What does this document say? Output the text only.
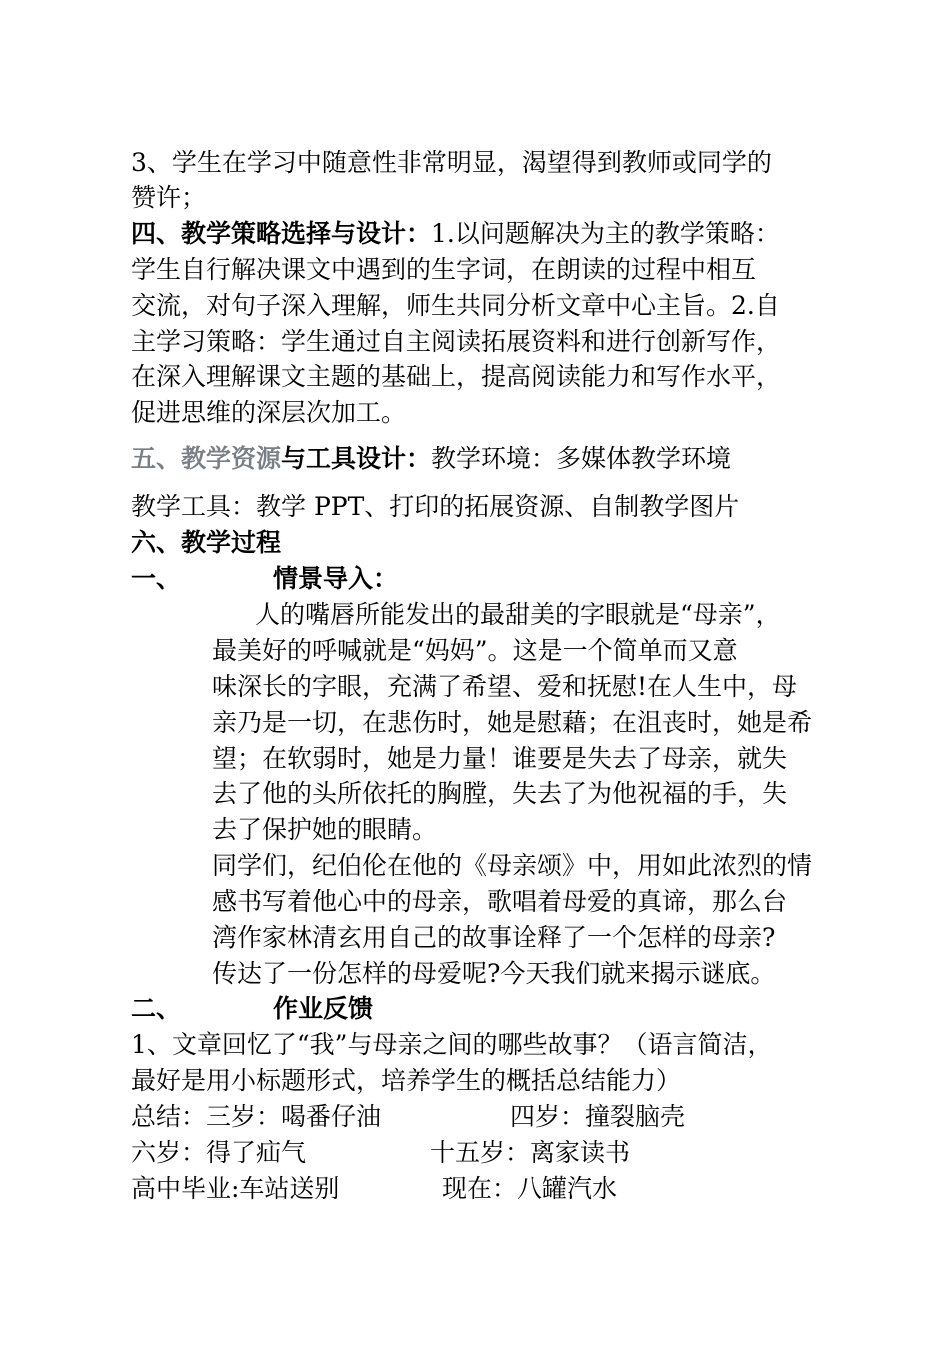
3、学生在学习中随意性非常明显，渴望得到教师或同学的
赞许；
四、教学策略选择与设计：1.以问题解决为主的教学策略：
学生自行解决课文中遇到的生字词，在朗读的过程中相互
交流，对句子深入理解，师生共同分析文章中心主旨。2.自
主学习策略：学生通过自主阅读拓展资料和进行创新写作，
在深入理解课文主题的基础上，提高阅读能力和写作水平，
促进思维的深层次加工。
五、教学资源与工具设计：教学环境：多媒体教学环境
教学工具：教学 PPT、打印的拓展资源、自制教学图片
六、教学过程
一、	情景导入：
人的嘴唇所能发出的最甜美的字眼就是“母亲”，
最美好的呼喊就是“妈妈”。这是一个简单而又意
味深长的字眼，充满了希望、爱和抚慰!在人生中，母
亲乃是一切，在悲伤时，她是慰藉；在沮丧时，她是希
望；在软弱时，她是力量！谁要是失去了母亲，就失
去了他的头所依托的胸膛，失去了为他祝福的手，失
去了保护她的眼睛。
同学们，纪伯伦在他的《母亲颂》中，用如此浓烈的情
感书写着他心中的母亲，歌唱着母爱的真谛，那么台
湾作家林清玄用自己的故事诠释了一个怎样的母亲?
传达了一份怎样的母爱呢?今天我们就来揭示谜底。
二、	作业反馈
1、文章回忆了“我”与母亲之间的哪些故事？（语言简洁，
最好是用小标题形式，培养学生的概括总结能力）
总结：三岁：喝番仔油	四岁：撞裂脑壳
六岁：得了疝气	十五岁：离家读书
高中毕业:车站送别	现在：八罐汽水
